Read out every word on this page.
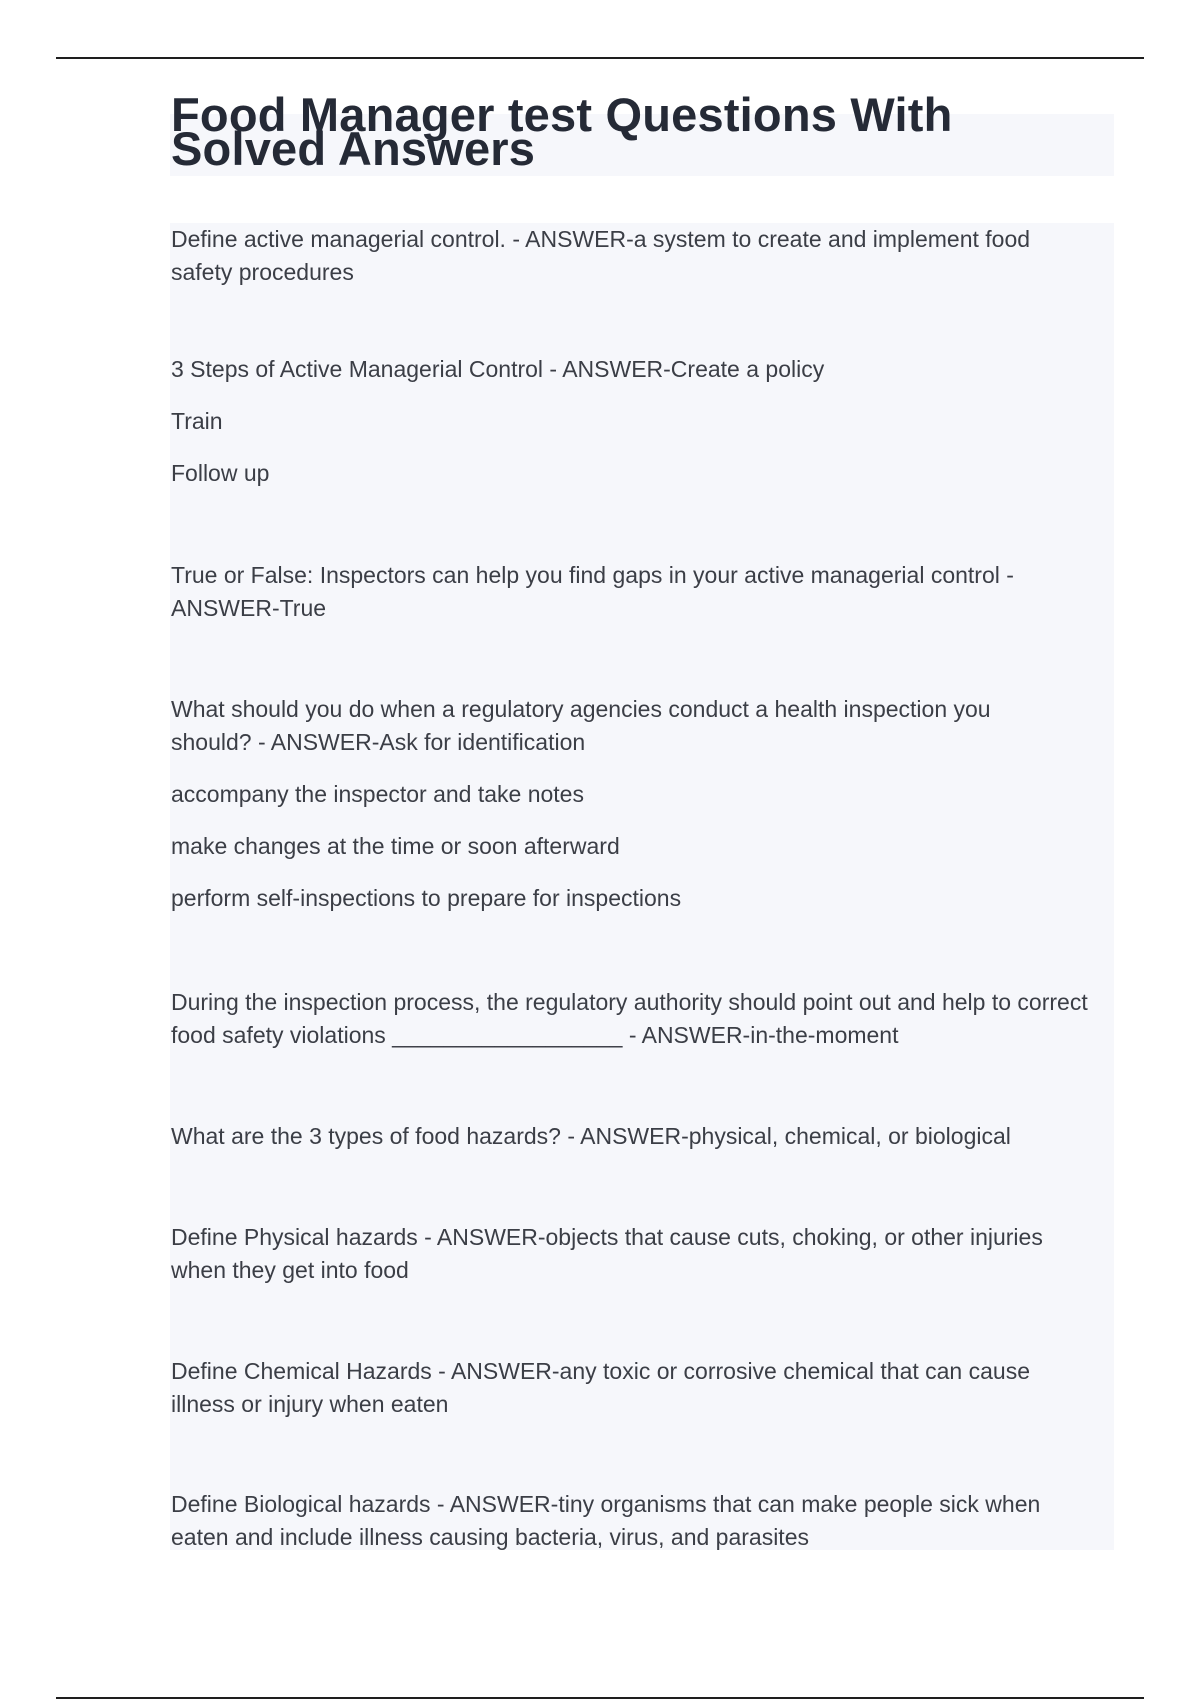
Food Manager test Questions With Solved Answers

Define active managerial control. - ANSWER-a system to create and implement food safety procedures

3 Steps of Active Managerial Control - ANSWER-Create a policy

Train

Follow up

True or False: Inspectors can help you find gaps in your active managerial control - ANSWER-True

What should you do when a regulatory agencies conduct a health inspection you should? - ANSWER-Ask for identification

accompany the inspector and take notes

make changes at the time or soon afterward

perform self-inspections to prepare for inspections

During the inspection process, the regulatory authority should point out and help to correct food safety violations __________________ - ANSWER-in-the-moment

What are the 3 types of food hazards? - ANSWER-physical, chemical, or biological

Define Physical hazards - ANSWER-objects that cause cuts, choking, or other injuries when they get into food

Define Chemical Hazards - ANSWER-any toxic or corrosive chemical that can cause illness or injury when eaten

Define Biological hazards - ANSWER-tiny organisms that can make people sick when eaten and include illness causing bacteria, virus, and parasites
